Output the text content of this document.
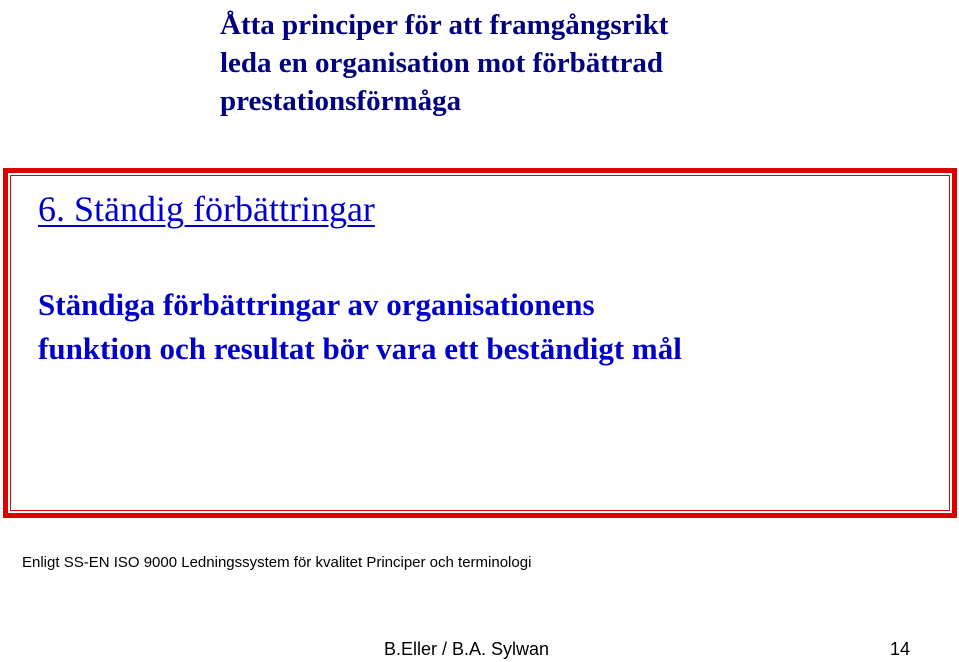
Åtta principer för att framgångsrikt
leda en organisation mot förbättrad
prestationsförmåga
6. Ständig förbättringar

Ständiga förbättringar av organisationens
funktion och resultat bör vara ett beständigt mål

Enligt SS-EN ISO 9000 Ledningssystem för kvalitet Principer och terminologi

B.Eller / B.A. Sylwan	14
